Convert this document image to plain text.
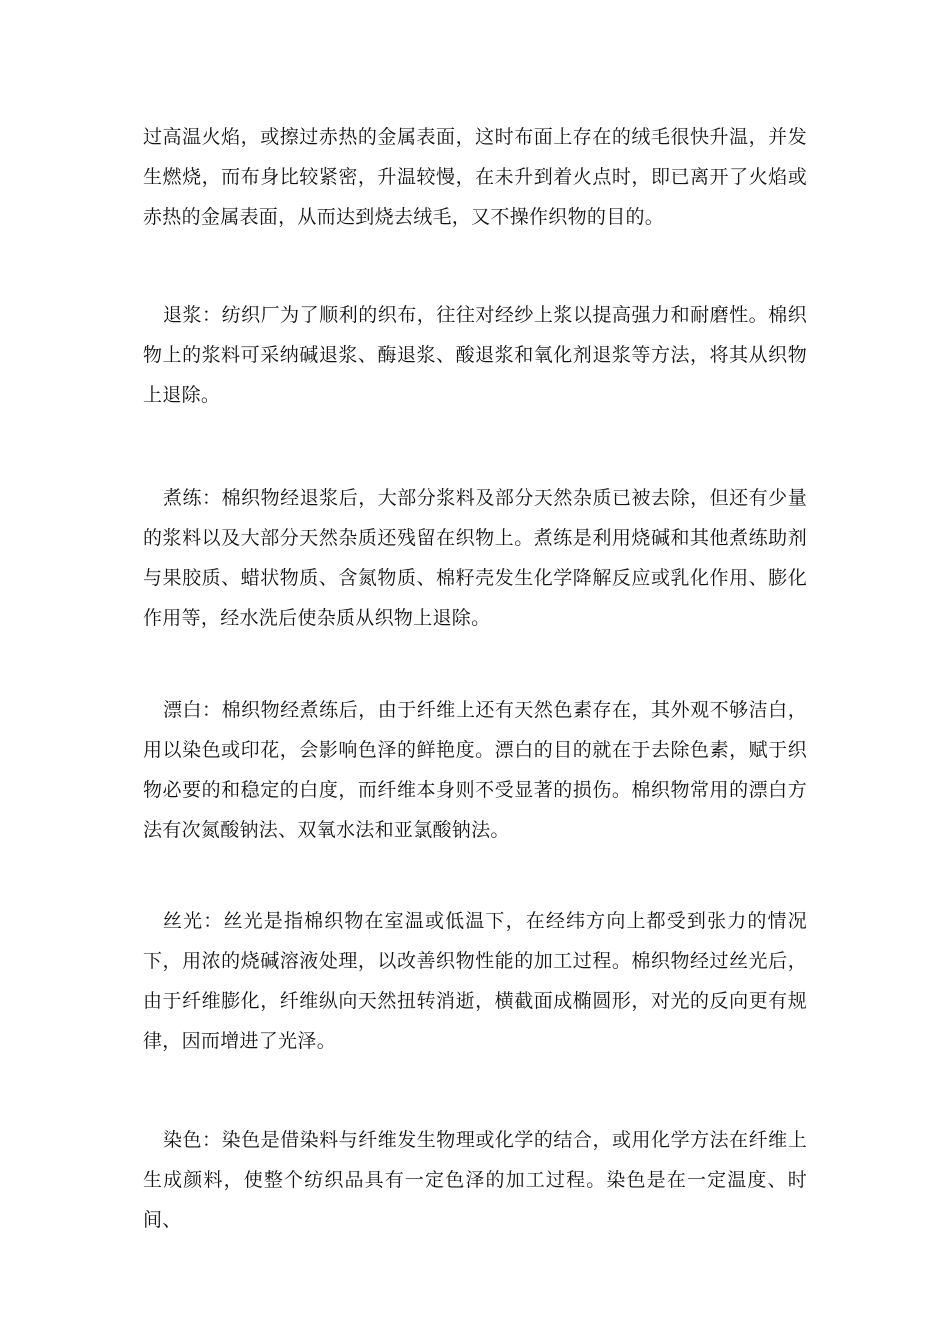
过高温火焰，或擦过赤热的金属表面，这时布面上存在的绒毛很快升温，并发生燃烧，而布身比较紧密，升温较慢，在未升到着火点时，即已离开了火焰或赤热的金属表面，从而达到烧去绒毛，又不操作织物的目的。

退浆：纺织厂为了顺利的织布，往往对经纱上浆以提高强力和耐磨性。棉织物上的浆料可采纳碱退浆、酶退浆、酸退浆和氧化剂退浆等方法，将其从织物上退除。

煮练：棉织物经退浆后，大部分浆料及部分天然杂质已被去除，但还有少量的浆料以及大部分天然杂质还残留在织物上。煮练是利用烧碱和其他煮练助剂与果胶质、蜡状物质、含氮物质、棉籽壳发生化学降解反应或乳化作用、膨化作用等，经水洗后使杂质从织物上退除。

漂白：棉织物经煮练后，由于纤维上还有天然色素存在，其外观不够洁白，用以染色或印花，会影响色泽的鲜艳度。漂白的目的就在于去除色素，赋于织物必要的和稳定的白度，而纤维本身则不受显著的损伤。棉织物常用的漂白方法有次氮酸钠法、双氧水法和亚氯酸钠法。

丝光：丝光是指棉织物在室温或低温下，在经纬方向上都受到张力的情况下，用浓的烧碱溶液处理，以改善织物性能的加工过程。棉织物经过丝光后，由于纤维膨化，纤维纵向天然扭转消逝，横截面成椭圆形，对光的反向更有规律，因而增进了光泽。

染色：染色是借染料与纤维发生物理或化学的结合，或用化学方法在纤维上生成颜料，使整个纺织品具有一定色泽的加工过程。染色是在一定温度、时间、
